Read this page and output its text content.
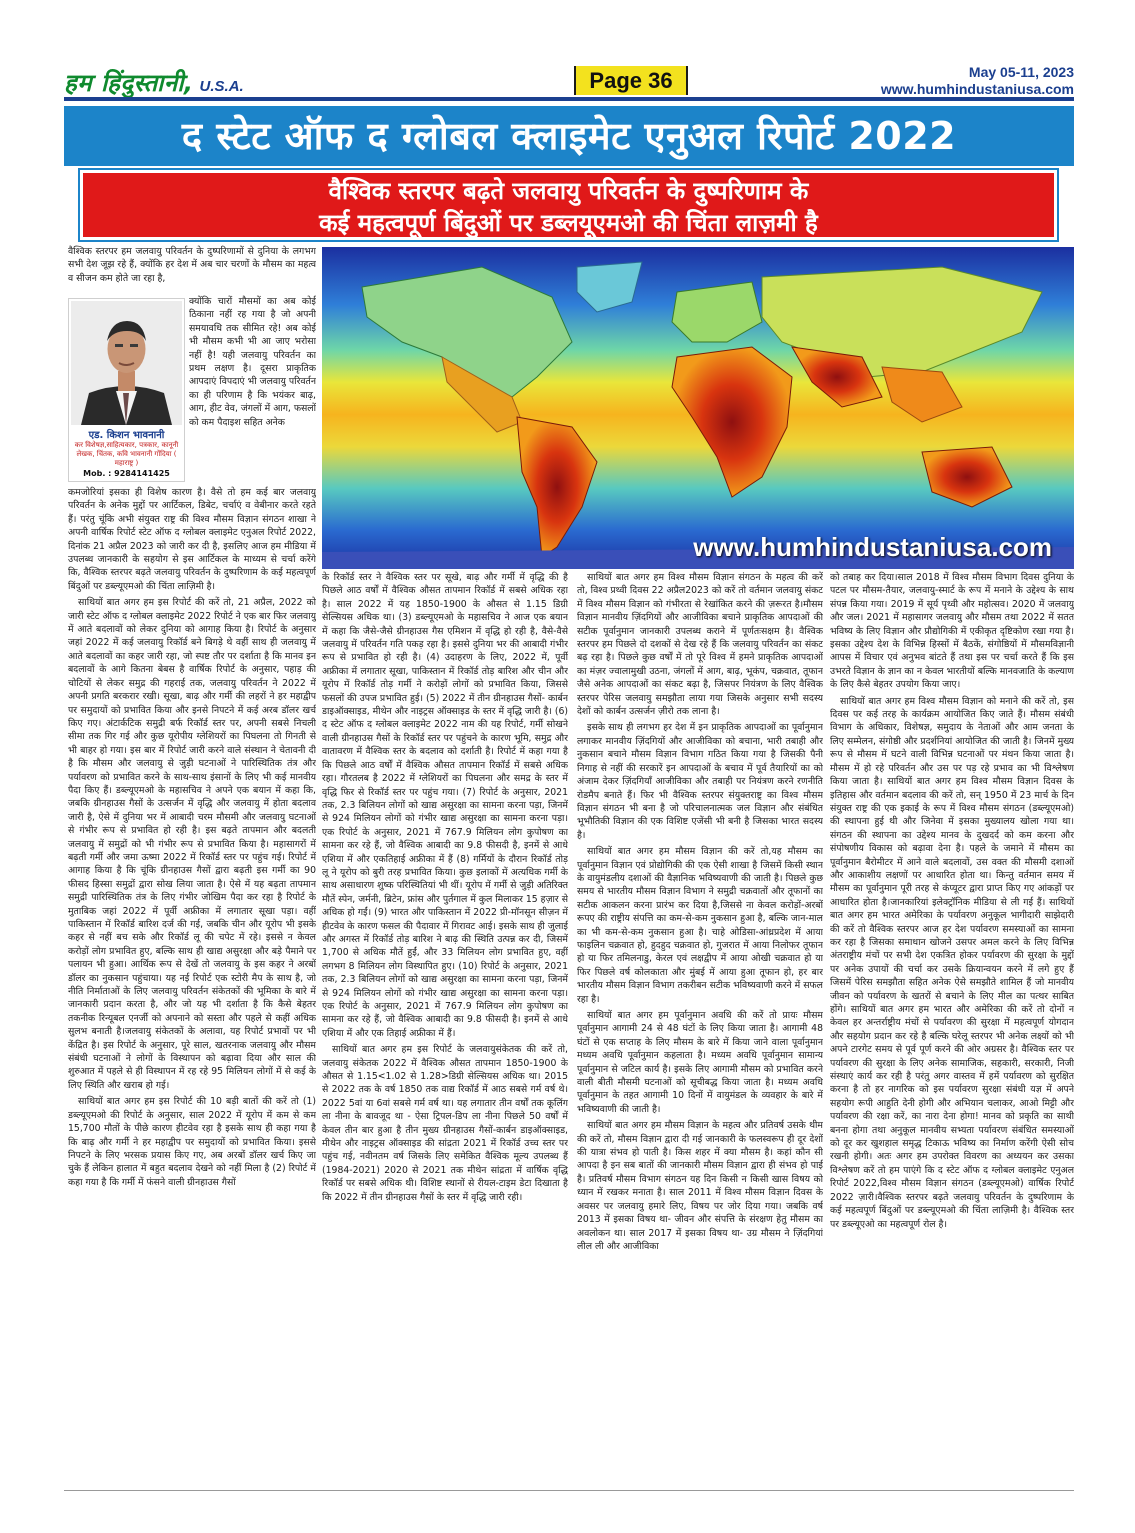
हम हिंदुस्तानी, U.S.A.	Page 36	May 05-11, 2023
www.humhindustaniusa.com
द स्टेट ऑफ द ग्लोबल क्लाइमेट एनुअल रिपोर्ट 2022

वैश्विक स्तरपर बढ़ते जलवायु परिवर्तन के दुष्परिणाम के

कई महत्वपूर्ण बिंदुओं पर डब्लयूएमओ की चिंता लाज़मी है

www.humhindustaniusa.com

वैश्विक स्तरपर हम जलवायु परिवर्तन के दुष्परिणामों से दुनिया के लगभग सभी देश जूझ रहे हैं, क्योंकि हर देश में अब चार चरणों के मौसम का महत्व व सीजन कम होते जा रहा है,

एड. किशन भावनानी
कर विशेषज्ञ,साहित्यकार, पत्रकार, कानूनी लेखक, चिंतक, कवि भावनानी गोंदिया ( महाराष्ट्र )
Mob. : 9284141425

क्योंकि चारों मौसमों का अब कोई ठिकाना नहीं रह गया है जो अपनी समयावधि तक सीमित रहे! अब कोई भी मौसम कभी भी आ जाए भरोसा नहीं है! यही जलवायु परिवर्तन का प्रथम लक्षण है। दूसरा प्राकृतिक आपदाएं विपदाएं भी जलवायु परिवर्तन का ही परिणाम है कि भयंकर बाढ़, आग, हीट वेव, जंगलों में आग, फसलों को कम पैदाइश सहित अनेक

कमजोरियां इसका ही विशेष कारण है। वैसे तो हम कई बार जलवायु परिवर्तन के अनेक मुद्दों पर आर्टिकल, डिबेट, चर्चाएं व वेबीनार करते रहते हैं। परंतु चूंकि अभी संयुक्त राष्ट्र की विश्व मौसम विज्ञान संगठन शाखा ने अपनी वार्षिक रिपोर्ट स्टेट ऑफ द ग्लोबल क्लाइमेट एनुअल रिपोर्ट 2022, दिनांक 21 अप्रैल 2023 को जारी कर दी है, इसलिए आज हम मीडिया में उपलब्ध जानकारी के सहयोग से इस आर्टिकल के माध्यम से चर्चा करेंगे कि, वैश्विक स्तरपर बढ़ते जलवायु परिवर्तन के दुष्परिणाम के कई महत्वपूर्ण बिंदुओं पर डब्ल्यूएमओ की चिंता लाज़िमी है।

साथियों बात अगर हम इस रिपोर्ट की करें तो, 21 अप्रैल, 2022 को जारी स्टेट ऑफ द ग्लोबल क्लाइमेट 2022 रिपोर्ट ने एक बार फिर जलवायु में आते बदलावों को लेकर दुनिया को आगाह किया है। रिपोर्ट के अनुसार जहां 2022 में कई जलवायु रिकॉर्ड बने बिगड़े थे वहीं साथ ही जलवायु में आते बदलावों का कहर जारी रहा, जो स्पष्ट तौर पर दर्शाता है कि मानव इन बदलावों के आगे कितना बेबस है वार्षिक रिपोर्ट के अनुसार, पहाड़ की चोटियों से लेकर समुद्र की गहराई तक, जलवायु परिवर्तन ने 2022 में अपनी प्रगति बरकरार रखी। सूखा, बाढ़ और गर्मी की लहरों ने हर महाद्वीप पर समुदायों को प्रभावित किया और इनसे निपटने में कई अरब डॉलर खर्च किए गए। अंटार्कटिक समुद्री बर्फ रिकॉर्ड स्तर पर, अपनी सबसे निचली सीमा तक गिर गई और कुछ यूरोपीय ग्लेशियरों का पिघलना तो गिनती से भी बाहर हो गया। इस बार में रिपोर्ट जारी करने वाले संस्थान ने चेतावनी दी है कि मौसम और जलवायु से जुड़ी घटनाओं ने पारिस्थितिक तंत्र और पर्यावरण को प्रभावित करने के साथ-साथ इंसानों के लिए भी कई मानवीय पैदा किए हैं। डब्ल्यूएमओ के महासचिव ने अपने एक बयान में कहा कि, जबकि ग्रीनहाउस गैसों के उत्सर्जन में वृद्धि और जलवायु में होता बदलाव जारी है, ऐसे में दुनिया भर में आबादी चरम मौसमी और जलवायु घटनाओं से गंभीर रूप से प्रभावित हो रही है। इस बढ़ते तापमान और बदलती जलवायु में समुद्रों को भी गंभीर रूप से प्रभावित किया है। महासागरों में बढ़ती गर्मी और जमा ऊष्मा 2022 में रिकॉर्ड स्तर पर पहुंच गई। रिपोर्ट में आगाह किया है कि चूंकि ग्रीनहाउस गैसों द्वारा बढ़ती इस गर्मी का 90 फीसद हिस्सा समुद्रों द्वारा सोख लिया जाता है। ऐसे में यह बढ़ता तापमान समुद्री पारिस्थितिक तंत्र के लिए गंभीर जोखिम पैदा कर रहा है रिपोर्ट के मुताबिक जहां 2022 में पूर्वी अफ्रीका में लगातार सूखा पड़ा। वहीं पाकिस्तान में रिकॉर्ड बारिश दर्ज की गई, जबकि चीन और यूरोप भी इसके कहर से नहीं बच सके और रिकॉर्ड लू की चपेट में रहे। इससे न केवल करोड़ों लोग प्रभावित हुए, बल्कि साथ ही खाद्य असुरक्षा और बड़े पैमाने पर पलायन भी हुआ। आर्थिक रूप से देखें तो जलवायु के इस कहर ने अरबों डॉलर का नुकसान पहुंचाया। यह नई रिपोर्ट एक स्टोरी मैप के साथ है, जो नीति निर्माताओं के लिए जलवायु परिवर्तन संकेतकों की भूमिका के बारे में जानकारी प्रदान करता है, और जो यह भी दर्शाता है कि कैसे बेहतर तकनीक रिन्यूबल एनर्जी को अपनाने को सस्ता और पहले से कहीं अधिक सुलभ बनाती है।जलवायु संकेतकों के अलावा, यह रिपोर्ट प्रभावों पर भी केंद्रित है। इस रिपोर्ट के अनुसार, पूरे साल, खतरनाक जलवायु और मौसम संबंधी घटनाओं ने लोगों के विस्थापन को बढ़ावा दिया और साल की शुरुआत में पहले से ही विस्थापन में रह रहे 95 मिलियन लोगों में से कई के लिए स्थिति और खराब हो गई।

साथियों बात अगर हम इस रिपोर्ट की 10 बड़ी बातों की करें तो (1) डब्ल्यूएमओ की रिपोर्ट के अनुसार, साल 2022 में यूरोप में कम से कम 15,700 मौतों के पीछे कारण हीटवेव रहा है इसके साथ ही कहा गया है कि बाढ़ और गर्मी ने हर महाद्वीप पर समुदायों को प्रभावित किया। इससे निपटने के लिए भरसक प्रयास किए गए, अब अरबों डॉलर खर्च किए जा चुके हैं लेकिन हालात में बहुत बदलाव देखने को नहीं मिला है (2) रिपोर्ट में कहा गया है कि गर्मी में फंसने वाली ग्रीनहाउस गैसों

के रिकॉर्ड स्तर ने वैश्विक स्तर पर सूखे, बाढ़ और गर्मी में वृद्धि की है पिछले आठ वर्षों में वैश्विक औसत तापमान रिकॉर्ड में सबसे अधिक रहा है। साल 2022 में यह 1850-1900 के औसत से 1.15 डिग्री सेल्सियस अधिक था। (3) डब्ल्यूएमओ के महासचिव ने आज एक बयान में कहा कि जैसे-जैसे ग्रीनहाउस गैस एमिशन में वृद्धि हो रही है, वैसे-वैसे जलवायु में परिवर्तन गति पकड़ रहा है। इससे दुनिया भर की आबादी गंभीर रूप से प्रभावित हो रही है। (4) उदाहरण के लिए, 2022 में, पूर्वी अफ्रीका में लगातार सूखा, पाकिस्तान में रिकॉर्ड तोड़ बारिश और चीन और यूरोप में रिकॉर्ड तोड़ गर्मी ने करोड़ों लोगों को प्रभावित किया, जिससे फसलों की उपज प्रभावित हुई। (5) 2022 में तीन ग्रीनहाउस गैसों- कार्बन डाइऑक्साइड, मीथेन और नाइट्रस ऑक्साइड के स्तर में वृद्धि जारी है। (6) द स्टेट ऑफ द ग्लोबल क्लाइमेट 2022 नाम की यह रिपोर्ट, गर्मी सोखने वाली ग्रीनहाउस गैसों के रिकॉर्ड स्तर पर पहुंचने के कारण भूमि, समुद्र और वातावरण में वैश्विक स्तर के बदलाव को दर्शाती है। रिपोर्ट में कहा गया है कि पिछले आठ वर्षों में वैश्विक औसत तापमान रिकॉर्ड में सबसे अधिक रहा। गौरतलब है 2022 में ग्लेशियरों का पिघलना और समद्र के स्तर में वृद्धि फिर से रिकॉर्ड स्तर पर पहुंच गया। (7) रिपोर्ट के अनुसार, 2021 तक, 2.3 बिलियन लोगों को खाद्य असुरक्षा का सामना करना पड़ा, जिनमें से 924 मिलियन लोगों को गंभीर खाद्य असुरक्षा का सामना करना पड़ा। एक रिपोर्ट के अनुसार, 2021 में 767.9 मिलियन लोग कुपोषण का सामना कर रहे हैं, जो वैश्विक आबादी का 9.8 फीसदी है, इनमें से आधे एशिया में और एकतिहाई अफ्रीका में हैं (8) गर्मियों के दौरान रिकॉर्ड तोड़ लू ने यूरोप को बुरी तरह प्रभावित किया। कुछ इलाकों में अत्यधिक गर्मी के साथ असाधारण शुष्क परिस्थितियां भी थीं। यूरोप में गर्मी से जुड़ी अतिरिक्त मौतें स्पेन, जर्मनी, ब्रिटेन, फ्रांस और पुर्तगाल में कुल मिलाकर 15 हज़ार से अधिक हो गईं। (9) भारत और पाकिस्तान में 2022 प्री-मॉनसून सीज़न में हीटवेव के कारण फसल की पैदावार में गिरावट आई। इसके साथ ही जुलाई और अगस्त में रिकॉर्ड तोड़ बारिश ने बाढ़ की स्थिति उत्पन्न कर दी, जिसमें 1,700 से अधिक मौतें हुईं, और 33 मिलियन लोग प्रभावित हुए, वहीं लगभग 8 मिलियन लोग विस्थापित हुए। (10) रिपोर्ट के अनुसार, 2021 तक, 2.3 बिलियन लोगों को खाद्य असुरक्षा का सामना करना पड़ा, जिनमें से 924 मिलियन लोगों को गंभीर खाद्य असुरक्षा का सामना करना पड़ा। एक रिपोर्ट के अनुसार, 2021 में 767.9 मिलियन लोग कुपोषण का सामना कर रहे हैं, जो वैश्विक आबादी का 9.8 फीसदी है। इनमें से आधे एशिया में और एक तिहाई अफ्रीका में हैं।

साथियों बात अगर हम इस रिपोर्ट के जलवायुसंकेतक की करें तो, जलवायु संकेतक 2022 में वैश्विक औसत तापमान 1850-1900 के औसत से 1.15<1.02 से 1.28>डिग्री सेल्सियस अधिक था। 2015 से 2022 तक के वर्ष 1850 तक वाद्य रिकॉर्ड में आठ सबसे गर्म वर्ष थे। 2022 5वां या 6वां सबसे गर्म वर्ष था। यह लगातार तीन वर्षों तक कूलिंग ला नीना के बावजूद था - ऐसा ट्रिपल-डिप ला नीना पिछले 50 वर्षों में केवल तीन बार हुआ है तीन मुख्य ग्रीनहाउस गैसों-कार्बन डाइऑक्साइड, मीथेन और नाइट्रस ऑक्साइड की सांद्रता 2021 में रिकॉर्ड उच्च स्तर पर पहुंच गई, नवीनतम वर्ष जिसके लिए समेकित वैश्विक मूल्य उपलब्ध हैं (1984-2021) 2020 से 2021 तक मीथेन सांद्रता में वार्षिक वृद्धि रिकॉर्ड पर सबसे अधिक थी। विशिष्ट स्थानों से रीयल-टाइम डेटा दिखाता है कि 2022 में तीन ग्रीनहाउस गैसों के स्तर में वृद्धि जारी रही।

साथियों बात अगर हम विश्व मौसम विज्ञान संगठन के महत्व की करें तो, विश्व प्रथ्वी दिवस 22 अप्रैल2023 को करें तो वर्तमान जलवायु संकट में विश्व मौसम विज्ञान को गंभीरता से रेखांकित करने की ज़रूरत है।मौसम विज्ञान मानवीय ज़िंदगियों और आजीविका बचाने प्राकृतिक आपदाओं की सटीक पूर्वानुमान जानकारी उपलब्ध कराने में पूर्णतःसक्षम है। वैश्विक स्तरपर हम पिछले दो दशकों से देख रहे हैं कि जलवायु परिवर्तन का संकट बढ़ रहा है। पिछले कुछ वर्षों में तो पूरे विश्व में हमने प्राकृतिक आपदाओं का मंज़र ज्वालामुखी उठना, जंगलों में आग, बाढ़, भूकंप, चक्रवात, तूफान जैसे अनेक आपदाओं का संकट बढ़ा है, जिसपर नियंत्रण के लिए वैश्विक स्तरपर पेरिस जलवायु समझौता लाया गया जिसके अनुसार सभी सदस्य देशों को कार्बन उत्सर्जन ज़ीरो तक लाना है।

इसके साथ ही लगभग हर देश में इन प्राकृतिक आपदाओं का पूर्वानुमान लगाकर मानवीय ज़िंदगियों और आजीविका को बचाना, भारी तबाही और नुकसान बचाने मौसम विज्ञान विभाग गठित किया गया है जिसकी पैनी निगाह से नहीं की सरकारें इन आपदाओं के बचाव में पूर्व तैयारियों का को अंजाम देकर ज़िंदगियाँ आजीविका और तबाही पर नियंत्रण करने रणनीति रोडमैप बनाते हैं। फिर भी वैश्विक स्तरपर संयुक्तराष्ट्र का विश्व मौसम विज्ञान संगठन भी बना है जो परिचालनात्मक जल विज्ञान और संबंधित भूभौतिकी विज्ञान की एक विशिष्ट एजेंसी भी बनी है जिसका भारत सदस्य है।

साथियों बात अगर हम मौसम विज्ञान की करें तो,यह मौसम का पूर्वानुमान विज्ञान एवं प्रोद्योगिकी की एक ऐसी शाखा है जिसमें किसी स्थान के वायुमंडलीय दशाओं की वैज्ञानिक भविष्यवाणी की जाती है। पिछले कुछ समय से भारतीय मौसम विज्ञान विभाग ने समुद्री चक्रवातों और तूफानों का सटीक आकलन करना प्रारंभ कर दिया है,जिससे ना केवल करोड़ों-अरबों रूपए की राष्ट्रीय संपत्ति का कम-से-कम नुकसान हुआ है, बल्कि जान-माल का भी कम-से-कम नुकसान हुआ है। चाहे ओडिसा-आंध्रप्रदेश में आया फाइलिन चक्रवात हो, हुदहुद चक्रवात हो, गुजरात में आया निलोफर तूफान हो या फिर तमिलनाडु, केरल एवं लक्षद्वीप में आया ओखी चक्रवात हो या फिर पिछले वर्ष कोलकाता और मुंबई में आया हुआ तूफान हो, हर बार भारतीय मौसम विज्ञान विभाग तकरीबन सटीक भविष्यवाणी करने में सफल रहा है।

साथियों बात अगर हम पूर्वानुमान अवधि की करें तो प्रायः मौसम पूर्वानुमान आगामी 24 से 48 घंटों के लिए किया जाता है। आगामी 48 घंटों से एक सप्ताह के लिए मौसम के बारे में किया जाने वाला पूर्वानुमान मध्यम अवधि पूर्वानुमान कहलाता है। मध्यम अवधि पूर्वानुमान सामान्य पूर्वानुमान से जटिल कार्य है। इसके लिए आगामी मौसम को प्रभावित करने वाली बीती मौसमी घटनाओं को सूचीबद्ध किया जाता है। मध्यम अवधि पूर्वानुमान के तहत आगामी 10 दिनों में वायुमंडल के व्यवहार के बारे में भविष्यवाणी की जाती है।

साथियों बात अगर हम मौसम विज्ञान के महत्व और प्रतिवर्ष उसके थीम की करें तो, मौसम विज्ञान द्वारा दी गई जानकारी के फलस्वरूप ही दूर देशों की यात्रा संभव हो पाती है। किस शहर में क्या मौसम है। कहां कौन सी आपदा है इन सब बातों की जानकारी मौसम विज्ञान द्वारा ही संभव हो पाई है। प्रतिवर्ष मौसम विभाग संगठन यह दिन किसी न किसी खास विषय को ध्यान में रखकर मनाता है। साल 2011 में विश्व मौसम विज्ञान दिवस के अवसर पर जलवायु हमारे लिए, विषय पर जोर दिया गया। जबकि वर्ष 2013 में इसका विषय था- जीवन और संपत्ति के संरक्षण हेतु मौसम का अवलोकन था। साल 2017 में इसका विषय था- उग्र मौसम ने ज़िंदगियां लील ली और आजीविका

को तबाह कर दिया।साल 2018 में विश्व मौसम विभाग दिवस दुनिया के पटल पर मौसम-तैयार, जलवायु-स्मार्ट के रूप में मनाने के उद्देश्य के साथ संपन्न किया गया। 2019 में सूर्य पृथ्वी और महोत्सव। 2020 में जलवायु और जल। 2021 में महासागर जलवायु और मौसम तथा 2022 में सतत भविष्य के लिए विज्ञान और प्रौद्योगिकी में एकीकृत दृष्टिकोण रखा गया है। इसका उद्देश्य देश के विभिन्न हिस्सों में बैठकें, संगोष्ठियों में मौसमविज्ञानी आपस में विचार एवं अनुभव बांटते हैं तथा इस पर चर्चा करते हैं कि इस उभरते विज्ञान के ज्ञान का न केवल भारतीयों बल्कि मानवजाति के कल्याण के लिए कैसे बेहतर उपयोग किया जाए।

साथियों बात अगर हम विश्व मौसम विज्ञान को मनाने की करें तो, इस दिवस पर कई तरह के कार्यक्रम आयोजित किए जाते हैं। मौसम संबंधी विभाग के अधिकार, विशेषज्ञ, समुदाय के नेताओं और आम जनता के लिए सम्मेलन, संगोष्ठी और प्रदर्शनियां आयोजित की जाती है। जिनमें मुख्य रूप से मौसम में घटने वाली विभिन्न घटनाओं पर मंथन किया जाता है। मौसम में हो रहे परिवर्तन और उस पर पड़ रहे प्रभाव का भी विश्लेषण किया जाता है। साथियों बात अगर हम विश्व मौसम विज्ञान दिवस के इतिहास और वर्तमान बदलाव की करें तो, सन् 1950 में 23 मार्च के दिन संयुक्त राष्ट्र की एक इकाई के रूप में विश्व मौसम संगठन (डब्ल्यूएमओ) की स्थापना हुई थी और जिनेवा में इसका मुख्यालय खोला गया था। संगठन की स्थापना का उद्देश्य मानव के दुखदर्द को कम करना और संपोषणीय विकास को बढ़ावा देना है। पहले के जमाने में मौसम का पूर्वानुमान बैरोमीटर में आने वाले बदलावों, उस वक्त की मौसमी दशाओं और आकाशीय लक्षणों पर आधारित होता था। किन्तु वर्तमान समय में मौसम का पूर्वानुमान पूरी तरह से कंप्यूटर द्वारा प्राप्त किए गए आंकड़ों पर आधारित होता है।जानकारियां इलेक्ट्रॉनिक मीडिया से ली गई हैं। साथियों बात अगर हम भारत अमेरिका के पर्यावरण अनुकूल भागीदारी साझेदारी की करें तो वैश्विक स्तरपर आज हर देश पर्यावरण समस्याओं का सामना कर रहा है जिसका समाधान खोजने उसपर अमल करने के लिए विभिन्न अंतराष्ट्रीय मंचों पर सभी देश एकत्रित होकर पर्यावरण की सुरक्षा के मुद्दों पर अनेक उपायों की चर्चा कर उसके क्रियान्वयन करने में लगे हुए हैं जिसमें पेरिस समझौता सहित अनेक ऐसे समझौते शामिल हैं जो मानवीय जीवन को पर्यावरण के खतरों से बचाने के लिए मील का पत्थर साबित होंगे। साथियों बात अगर हम भारत और अमेरिका की करें तो दोनों न केवल हर अन्तर्राष्ट्रीय मंचों से पर्यावरण की सुरक्षा में महत्वपूर्ण योगदान और सहयोग प्रदान कर रहे है बल्कि घरेलू स्तरपर भी अनेक लक्ष्यों को भी अपने टारगेट समय से पूर्व पूर्ण करने की ओर अग्रसर है। वैश्विक स्तर पर पर्यावरण की सुरक्षा के लिए अनेक सामाजिक, सहकारी, सरकारी, निजी संस्थाएं कार्य कर रही है परंतु अगर वास्तव में हमें पर्यावरण को सुरक्षित करना है तो हर नागरिक को इस पर्यावरण सुरक्षा संबंधी यज्ञ में अपने सहयोग रूपी आहुति देनी होगी और अभियान चलाकर, आओ मिट्टी और पर्यावरण की रक्षा करें, का नारा देना होगा! मानव को प्रकृति का साथी बनना होगा तथा अनुकूल मानवीय सभ्यता पर्यावरण संबंधित समस्याओं को दूर कर खुशहाल समृद्ध टिकाऊ भविष्य का निर्माण करेंगी ऐसी सोच रखनी होगी। अतः अगर हम उपरोक्त विवरण का अध्ययन कर उसका विश्लेषण करें तो हम पाएंगे कि द स्टेट ऑफ द ग्लोबल क्लाइमेट एनुअल रिपोर्ट 2022,विश्व मौसम विज्ञान संगठन (डब्ल्यूएमओ) वार्षिक रिपोर्ट 2022 ज़ारी।वैश्विक स्तरपर बढ़ते जलवायु परिवर्तन के दुष्परिणाम के कई महत्वपूर्ण बिंदुओं पर डब्ल्यूएमओ की चिंता लाज़िमी है। वैश्विक स्तर पर डब्ल्यूएओ का महत्वपूर्ण रोल है।
